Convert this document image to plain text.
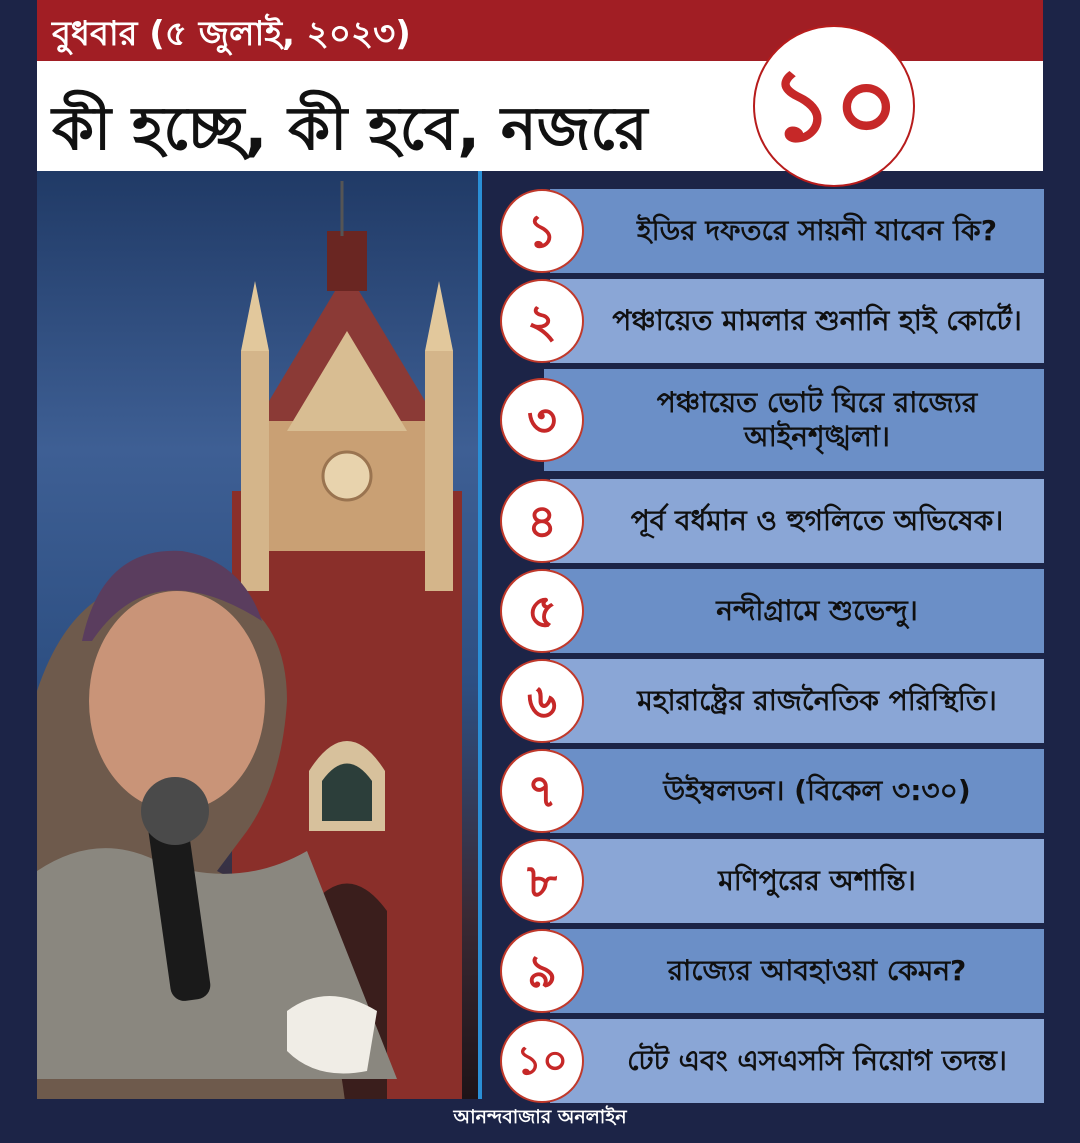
বুধবার (৫ জুলাই, ২০২৩)
কী হচ্ছে, কী হবে, নজরে ১০
১	ইডির দফতরে সায়নী যাবেন কি?
২	পঞ্চায়েত মামলার শুনানি হাই কোর্টে।
৩	পঞ্চায়েত ভোট ঘিরে রাজ্যের আইনশৃঙ্খলা।
৪	পূর্ব বর্ধমান ও হুগলিতে অভিষেক।
৫	নন্দীগ্রামে শুভেন্দু।
৬	মহারাষ্ট্রের রাজনৈতিক পরিস্থিতি।
৭	উইম্বলডন। (বিকেল ৩:৩০)
৮	মণিপুরের অশান্তি।
৯	রাজ্যের আবহাওয়া কেমন?
১০	টেট এবং এসএসসি নিয়োগ তদন্ত।
আনন্দবাজার অনলাইন
